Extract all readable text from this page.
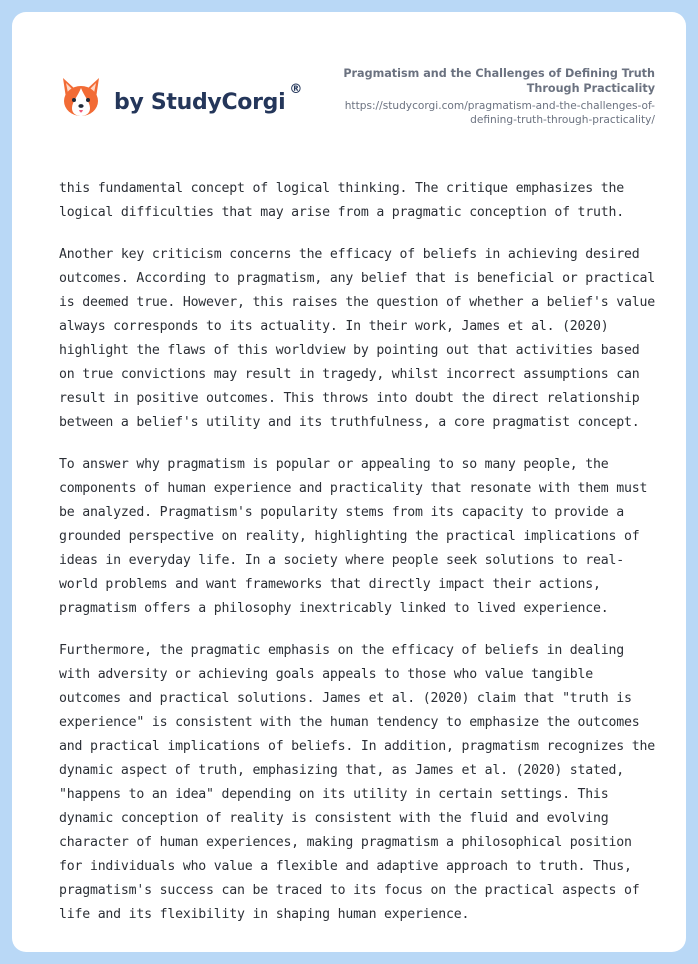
by StudyCorgi®
Pragmatism and the Challenges of Defining Truth Through Practicality
https://studycorgi.com/pragmatism-and-the-challenges-of-defining-truth-through-practicality/

this fundamental concept of logical thinking. The critique emphasizes the logical difficulties that may arise from a pragmatic conception of truth.

Another key criticism concerns the efficacy of beliefs in achieving desired outcomes. According to pragmatism, any belief that is beneficial or practical is deemed true. However, this raises the question of whether a belief's value always corresponds to its actuality. In their work, James et al. (2020) highlight the flaws of this worldview by pointing out that activities based on true convictions may result in tragedy, whilst incorrect assumptions can result in positive outcomes. This throws into doubt the direct relationship between a belief's utility and its truthfulness, a core pragmatist concept.

To answer why pragmatism is popular or appealing to so many people, the components of human experience and practicality that resonate with them must be analyzed. Pragmatism's popularity stems from its capacity to provide a grounded perspective on reality, highlighting the practical implications of ideas in everyday life. In a society where people seek solutions to real-world problems and want frameworks that directly impact their actions, pragmatism offers a philosophy inextricably linked to lived experience.

Furthermore, the pragmatic emphasis on the efficacy of beliefs in dealing with adversity or achieving goals appeals to those who value tangible outcomes and practical solutions. James et al. (2020) claim that "truth is experience" is consistent with the human tendency to emphasize the outcomes and practical implications of beliefs. In addition, pragmatism recognizes the dynamic aspect of truth, emphasizing that, as James et al. (2020) stated, "happens to an idea" depending on its utility in certain settings. This dynamic conception of reality is consistent with the fluid and evolving character of human experiences, making pragmatism a philosophical position for individuals who value a flexible and adaptive approach to truth. Thus, pragmatism's success can be traced to its focus on the practical aspects of life and its flexibility in shaping human experience.
